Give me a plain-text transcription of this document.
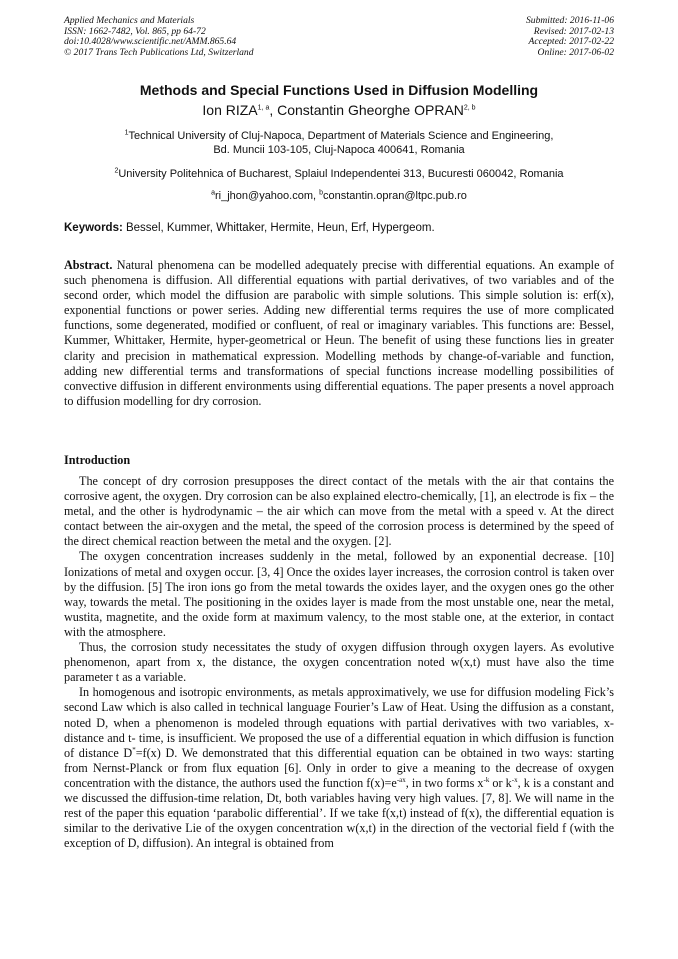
Applied Mechanics and Materials
ISSN: 1662-7482, Vol. 865, pp 64-72
doi:10.4028/www.scientific.net/AMM.865.64
© 2017 Trans Tech Publications Ltd, Switzerland
Submitted: 2016-11-06
Revised: 2017-02-13
Accepted: 2017-02-22
Online: 2017-06-02
Methods and Special Functions Used in Diffusion Modelling
Ion RIZA$^{1, a}$, Constantin Gheorghe OPRAN$^{2, b}$
$^1$Technical University of Cluj-Napoca, Department of Materials Science and Engineering,
Bd. Muncii 103-105, Cluj-Napoca 400641, Romania
$^2$University Politehnica of Bucharest, Splaiul Independentei 313, Bucuresti 060042, Romania
$^a$ri_jhon@yahoo.com, $^b$constantin.opran@ltpc.pub.ro
Keywords: Bessel, Kummer, Whittaker, Hermite, Heun, Erf, Hypergeom.

Abstract. Natural phenomena can be modelled adequately precise with differential equations. An example of such phenomena is diffusion. All differential equations with partial derivatives, of two variables and of the second order, which model the diffusion are parabolic with simple solutions. This simple solution is: erf(x), exponential functions or power series. Adding new differential terms requires the use of more complicated functions, some degenerated, modified or confluent, of real or imaginary variables. This functions are: Bessel, Kummer, Whittaker, Hermite, hyper-geometrical or Heun. The benefit of using these functions lies in greater clarity and precision in mathematical expression. Modelling methods by change-of-variable and function, adding new differential terms and transformations of special functions increase modelling possibilities of convective diffusion in different environments using differential equations. The paper presents a novel approach to diffusion modelling for dry corrosion.

Introduction

The concept of dry corrosion presupposes the direct contact of the metals with the air that contains the corrosive agent, the oxygen. Dry corrosion can be also explained electro-chemically, [1], an electrode is fix – the metal, and the other is hydrodynamic – the air which can move from the metal with a speed v. At the direct contact between the air-oxygen and the metal, the speed of the corrosion process is determined by the speed of the direct chemical reaction between the metal and the oxygen. [2].

The oxygen concentration increases suddenly in the metal, followed by an exponential decrease. [10] Ionizations of metal and oxygen occur. [3, 4] Once the oxides layer increases, the corrosion control is taken over by the diffusion. [5] The iron ions go from the metal towards the oxides layer, and the oxygen ones go the other way, towards the metal. The positioning in the oxides layer is made from the most unstable one, near the metal, wustita, magnetite, and the oxide form at maximum valency, to the most stable one, at the exterior, in contact with the atmosphere.

Thus, the corrosion study necessitates the study of oxygen diffusion through oxygen layers. As evolutive phenomenon, apart from x, the distance, the oxygen concentration noted w(x,t) must have also the time parameter t as a variable.

In homogenous and isotropic environments, as metals approximatively, we use for diffusion modeling Fick’s second Law which is also called in technical language Fourier’s Law of Heat. Using the diffusion as a constant, noted D, when a phenomenon is modeled through equations with partial derivatives with two variables, x- distance and t- time, is insufficient. We proposed the use of a differential equation in which diffusion is function of distance D*=f(x) D. We demonstrated that this differential equation can be obtained in two ways: starting from Nernst-Planck or from flux equation [6]. Only in order to give a meaning to the decrease of oxygen concentration with the distance, the authors used the function $f(x)=e^{-ax}$, in two forms $x^{-k}$ or $k^{-x}$, k is a constant and we discussed the diffusion-time relation, Dt, both variables having very high values. [7, 8]. We will name in the rest of the paper this equation ‘parabolic differential’. If we take f(x,t) instead of f(x), the differential equation is similar to the derivative Lie of the oxygen concentration w(x,t) in the direction of the vectorial field f (with the exception of D, diffusion). An integral is obtained from
